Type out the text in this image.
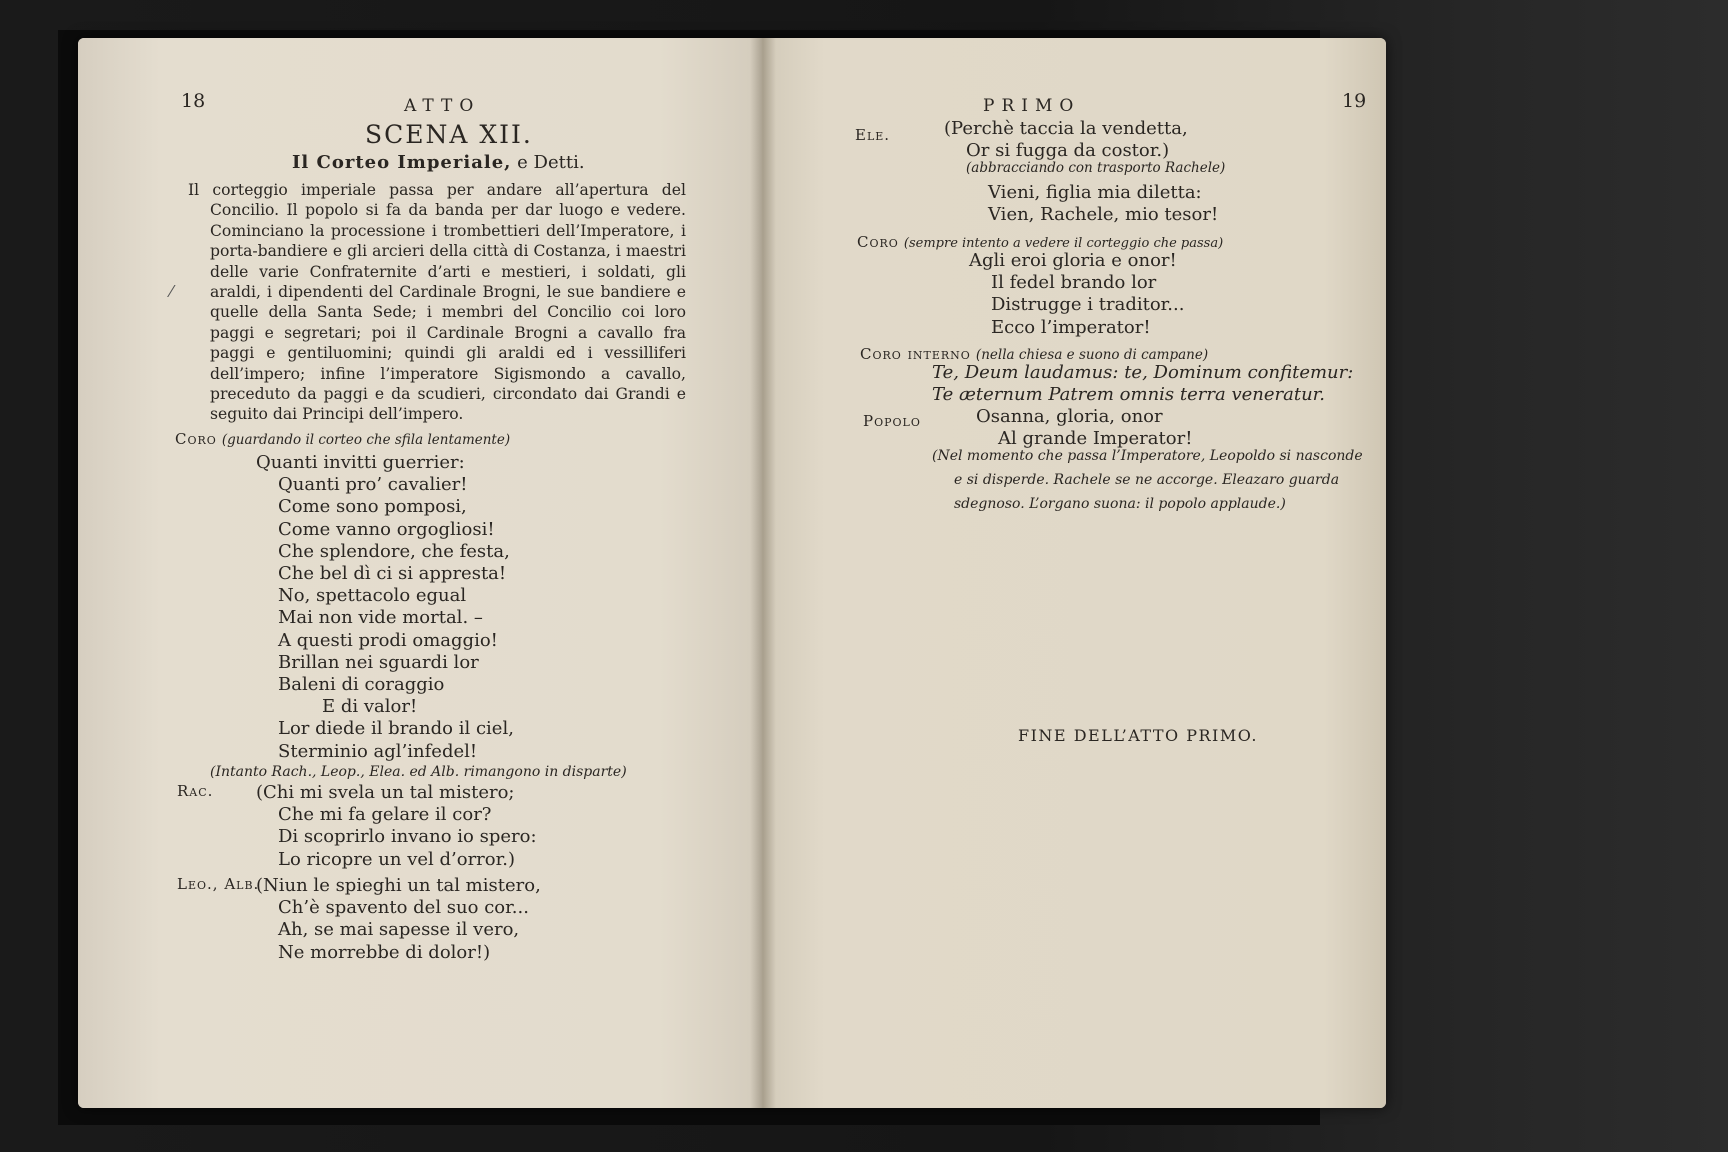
18	ATTO
SCENA XII.
Il Corteo Imperiale, e Detti.
Il corteggio imperiale passa per andare all’apertura del Concilio. Il popolo si fa da banda per dar luogo e vedere. Cominciano la processione i trombettieri dell’Imperatore, i porta-bandiere e gli arcieri della città di Costanza, i maestri delle varie Confraternite d’arti e mestieri, i soldati, gli araldi, i dipendenti del Cardinale Brogni, le sue bandiere e quelle della Santa Sede; i membri del Concilio coi loro paggi e segretari; poi il Cardinale Brogni a cavallo fra paggi e gentiluomini; quindi gli araldi ed i vessilliferi dell’impero; infine l’imperatore Sigismondo a cavallo, preceduto da paggi e da scudieri, circondato dai Grandi e seguito dai Principi dell’impero.
⁄
Coro (guardando il corteo che sfila lentamente)
Quanti invitti guerrier:
Quanti pro’ cavalier!
Come sono pomposi,
Come vanno orgogliosi!
Che splendore, che festa,
Che bel dì ci si appresta!
No, spettacolo egual
Mai non vide mortal. –
A questi prodi omaggio!
Brillan nei sguardi lor
Baleni di coraggio
E di valor!
Lor diede il brando il ciel,
Sterminio agl’infedel!
(Intanto Rach., Leop., Elea. ed Alb. rimangono in disparte)
Rac. (Chi mi svela un tal mistero;
Che mi fa gelare il cor?
Di scoprirlo invano io spero:
Lo ricopre un vel d’orror.)
Leo., Alb.
(Niun le spieghi un tal mistero,
Ch’è spavento del suo cor...
Ah, se mai sapesse il vero,
Ne morrebbe di dolor!)
PRIMO	19
Ele.	(Perchè taccia la vendetta,
Or si fugga da costor.)
(abbracciando con trasporto Rachele)
Vieni, figlia mia diletta:
Vien, Rachele, mio tesor!
Coro (sempre intento a vedere il corteggio che passa)
Agli eroi gloria e onor!
Il fedel brando lor
Distrugge i traditor...
Ecco l’imperator!
Coro interno (nella chiesa e suono di campane)
Te, Deum laudamus: te, Dominum confitemur:
Te æternum Patrem omnis terra veneratur.
Popolo	Osanna, gloria, onor
Al grande Imperator!
(Nel momento che passa l’Imperatore, Leopoldo si nasconde e si disperde. Rachele se ne accorge. Eleazaro guarda sdegnoso. L’organo suona: il popolo applaude.)
FINE DELL’ATTO PRIMO.
